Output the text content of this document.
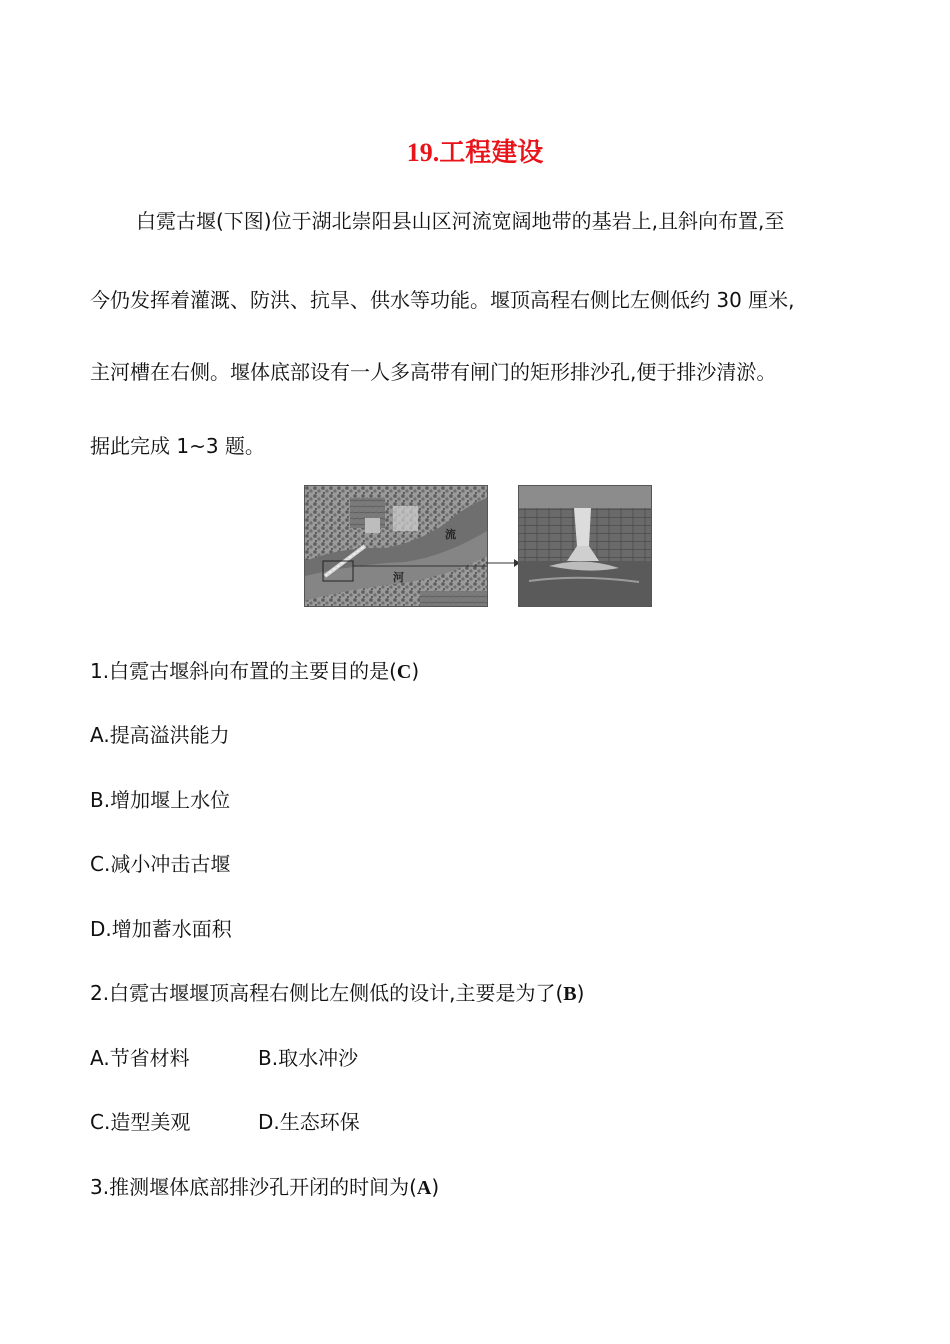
19.工程建设
白霓古堰(下图)位于湖北崇阳县山区河流宽阔地带的基岩上,且斜向布置,至
今仍发挥着灌溉、防洪、抗旱、供水等功能。堰顶高程右侧比左侧低约 30 厘米,
主河槽在右侧。堰体底部设有一人多高带有闸门的矩形排沙孔,便于排沙清淤。
据此完成 1~3 题。
流
河
1.白霓古堰斜向布置的主要目的是(C)
A.提高溢洪能力
B.增加堰上水位
C.减小冲击古堰
D.增加蓄水面积
2.白霓古堰堰顶高程右侧比左侧低的设计,主要是为了(B)
A.节省材料	B.取水冲沙
C.造型美观	D.生态环保
3.推测堰体底部排沙孔开闭的时间为(A)
